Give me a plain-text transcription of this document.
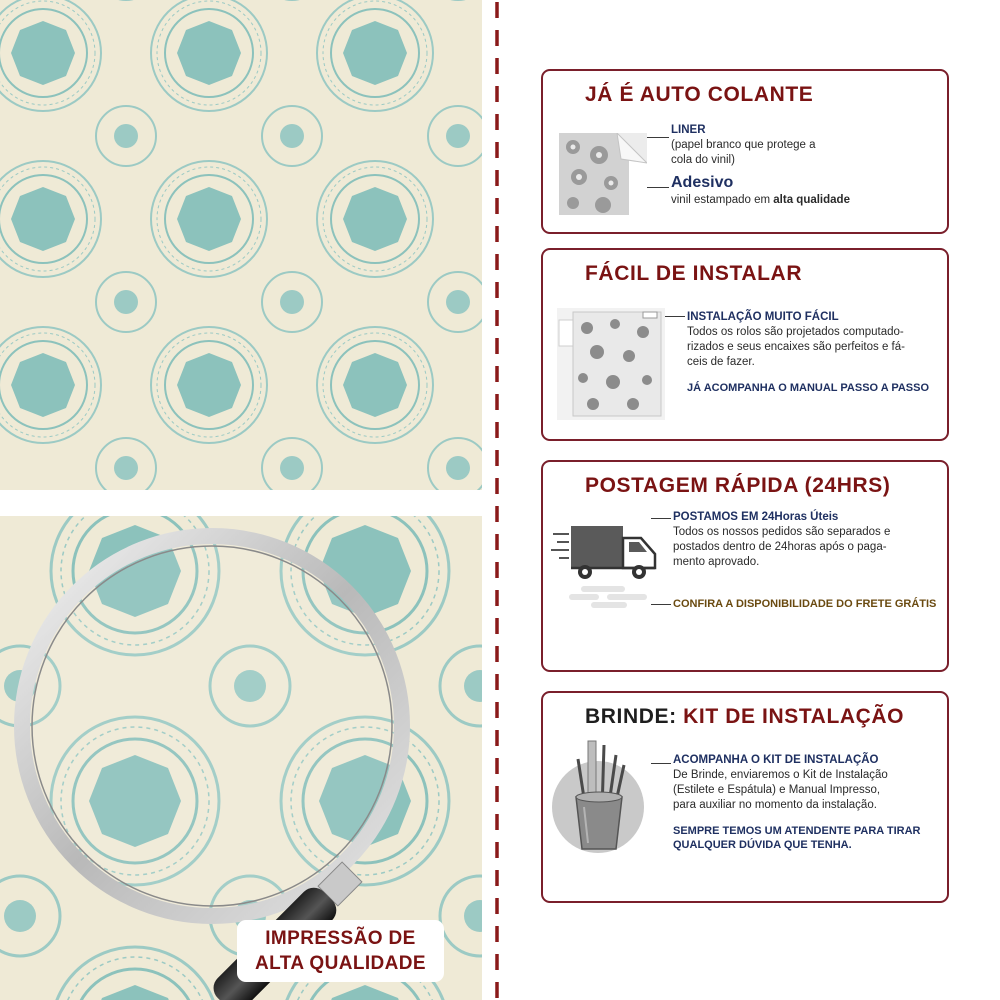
IMPRESSÃO DE
ALTA QUALIDADE
JÁ É AUTO COLANTE
LINER
(papel branco que protege a
cola do vinil)
Adesivo
vinil estampado em alta qualidade
FÁCIL DE INSTALAR
INSTALAÇÃO MUITO FÁCIL
Todos os rolos são projetados computado-
rizados e seus encaixes são perfeitos e fá-
ceis de fazer.
JÁ ACOMPANHA O MANUAL PASSO A PASSO
POSTAGEM RÁPIDA (24HRS)
POSTAMOS EM 24Horas Úteis
Todos os nossos pedidos são separados e
postados dentro de 24horas após o paga-
mento aprovado.
CONFIRA A DISPONIBILIDADE DO FRETE GRÁTIS
BRINDE: KIT DE INSTALAÇÃO
ACOMPANHA O KIT DE INSTALAÇÃO
De Brinde, enviaremos o Kit de Instalação
(Estilete e Espátula) e Manual Impresso,
para auxiliar no momento da instalação.
SEMPRE TEMOS UM ATENDENTE PARA TIRAR
QUALQUER DÚVIDA QUE TENHA.
